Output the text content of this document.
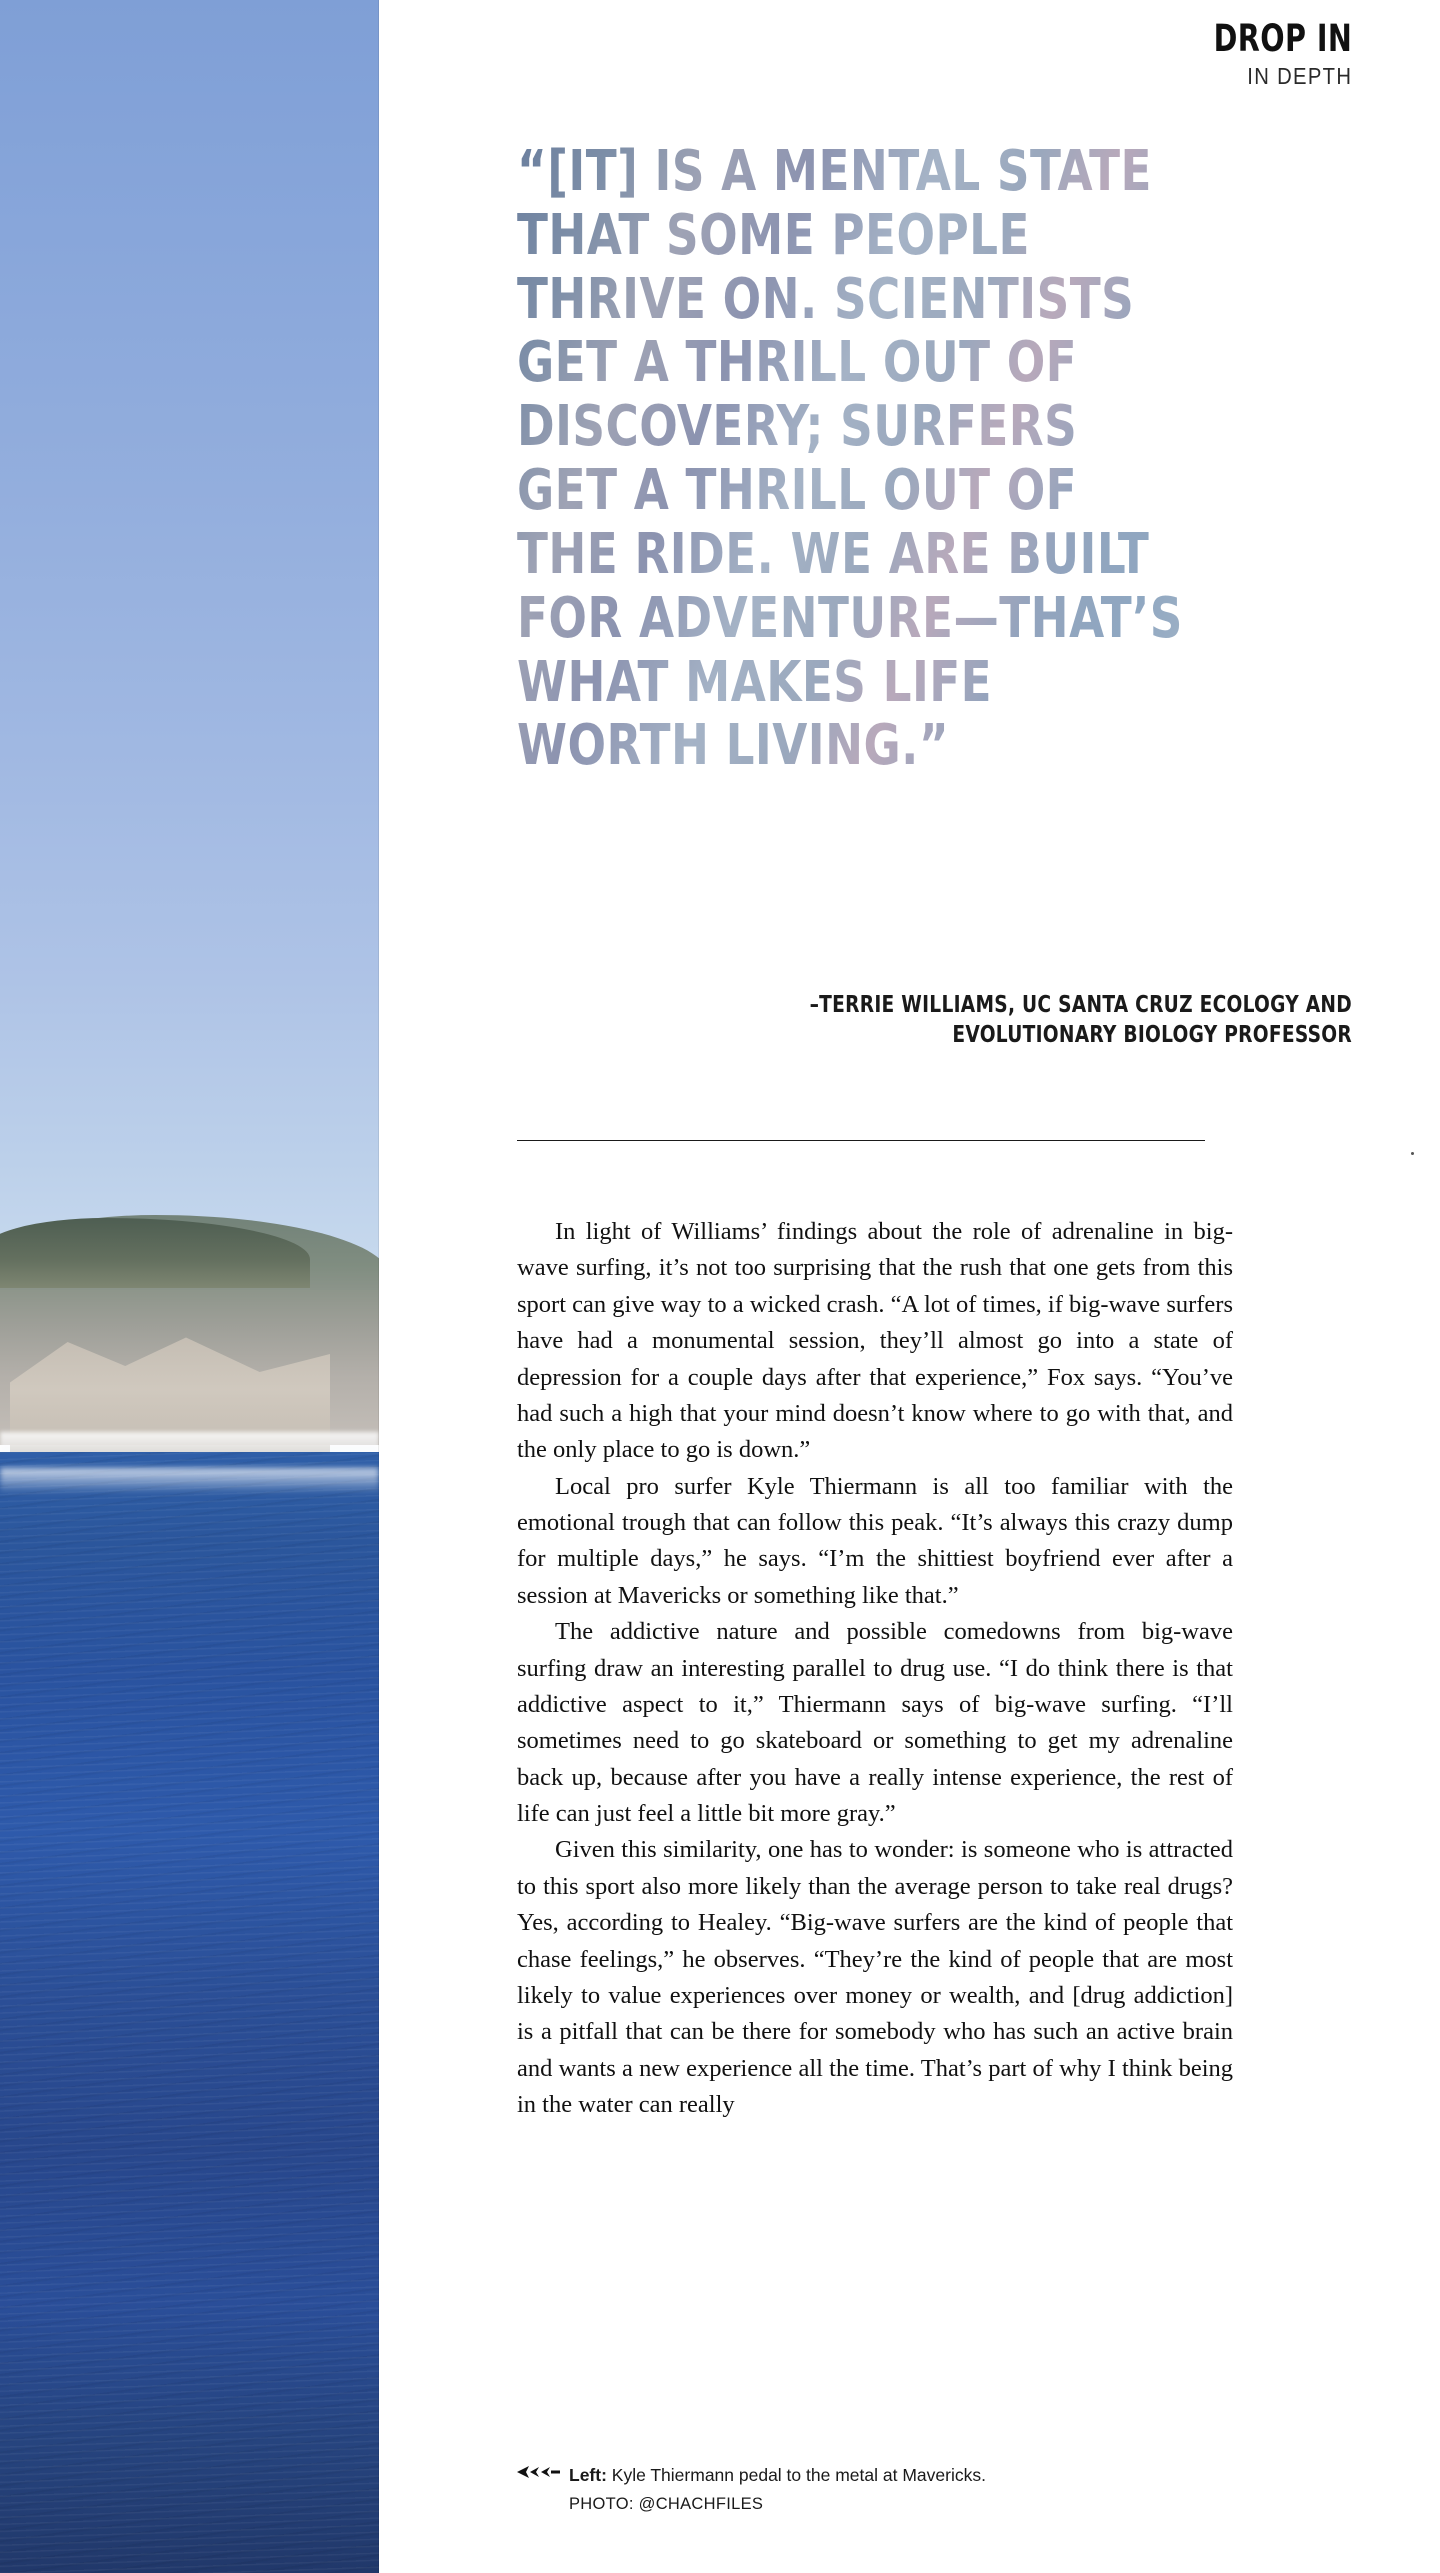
DROP IN
IN DEPTH
“[IT] IS A MENTAL STATE
THAT SOME PEOPLE
THRIVE ON. SCIENTISTS
GET A THRILL OUT OF
DISCOVERY; SURFERS
GET A THRILL OUT OF
THE RIDE. WE ARE BUILT
FOR ADVENTURE—THAT’S
WHAT MAKES LIFE
WORTH LIVING.”
–TERRIE WILLIAMS, UC SANTA CRUZ ECOLOGY AND
EVOLUTIONARY BIOLOGY PROFESSOR

In light of Williams’ findings about the role of adrenaline in big-wave surfing, it’s not too surprising that the rush that one gets from this sport can give way to a wicked crash. “A lot of times, if big-wave surfers have had a monumental session, they’ll almost go into a state of depression for a couple days after that experience,” Fox says. “You’ve had such a high that your mind doesn’t know where to go with that, and the only place to go is down.”

Local pro surfer Kyle Thiermann is all too familiar with the emotional trough that can follow this peak. “It’s always this crazy dump for multiple days,” he says. “I’m the shittiest boyfriend ever after a session at Mavericks or something like that.”

The addictive nature and possible comedowns from big-wave surfing draw an interesting parallel to drug use. “I do think there is that addictive aspect to it,” Thiermann says of big-wave surfing. “I’ll sometimes need to go skateboard or something to get my adrenaline back up, because after you have a really intense experience, the rest of life can just feel a little bit more gray.”

Given this similarity, one has to wonder: is someone who is attracted to this sport also more likely than the average person to take real drugs? Yes, according to Healey. “Big-wave surfers are the kind of people that chase feelings,” he observes. “They’re the kind of people that are most likely to value experiences over money or wealth, and [drug addiction] is a pitfall that can be there for somebody who has such an active brain and wants a new experience all the time. That’s part of why I think being in the water can really

Left: Kyle Thiermann pedal to the metal at Mavericks.
PHOTO: @CHACHFILES
